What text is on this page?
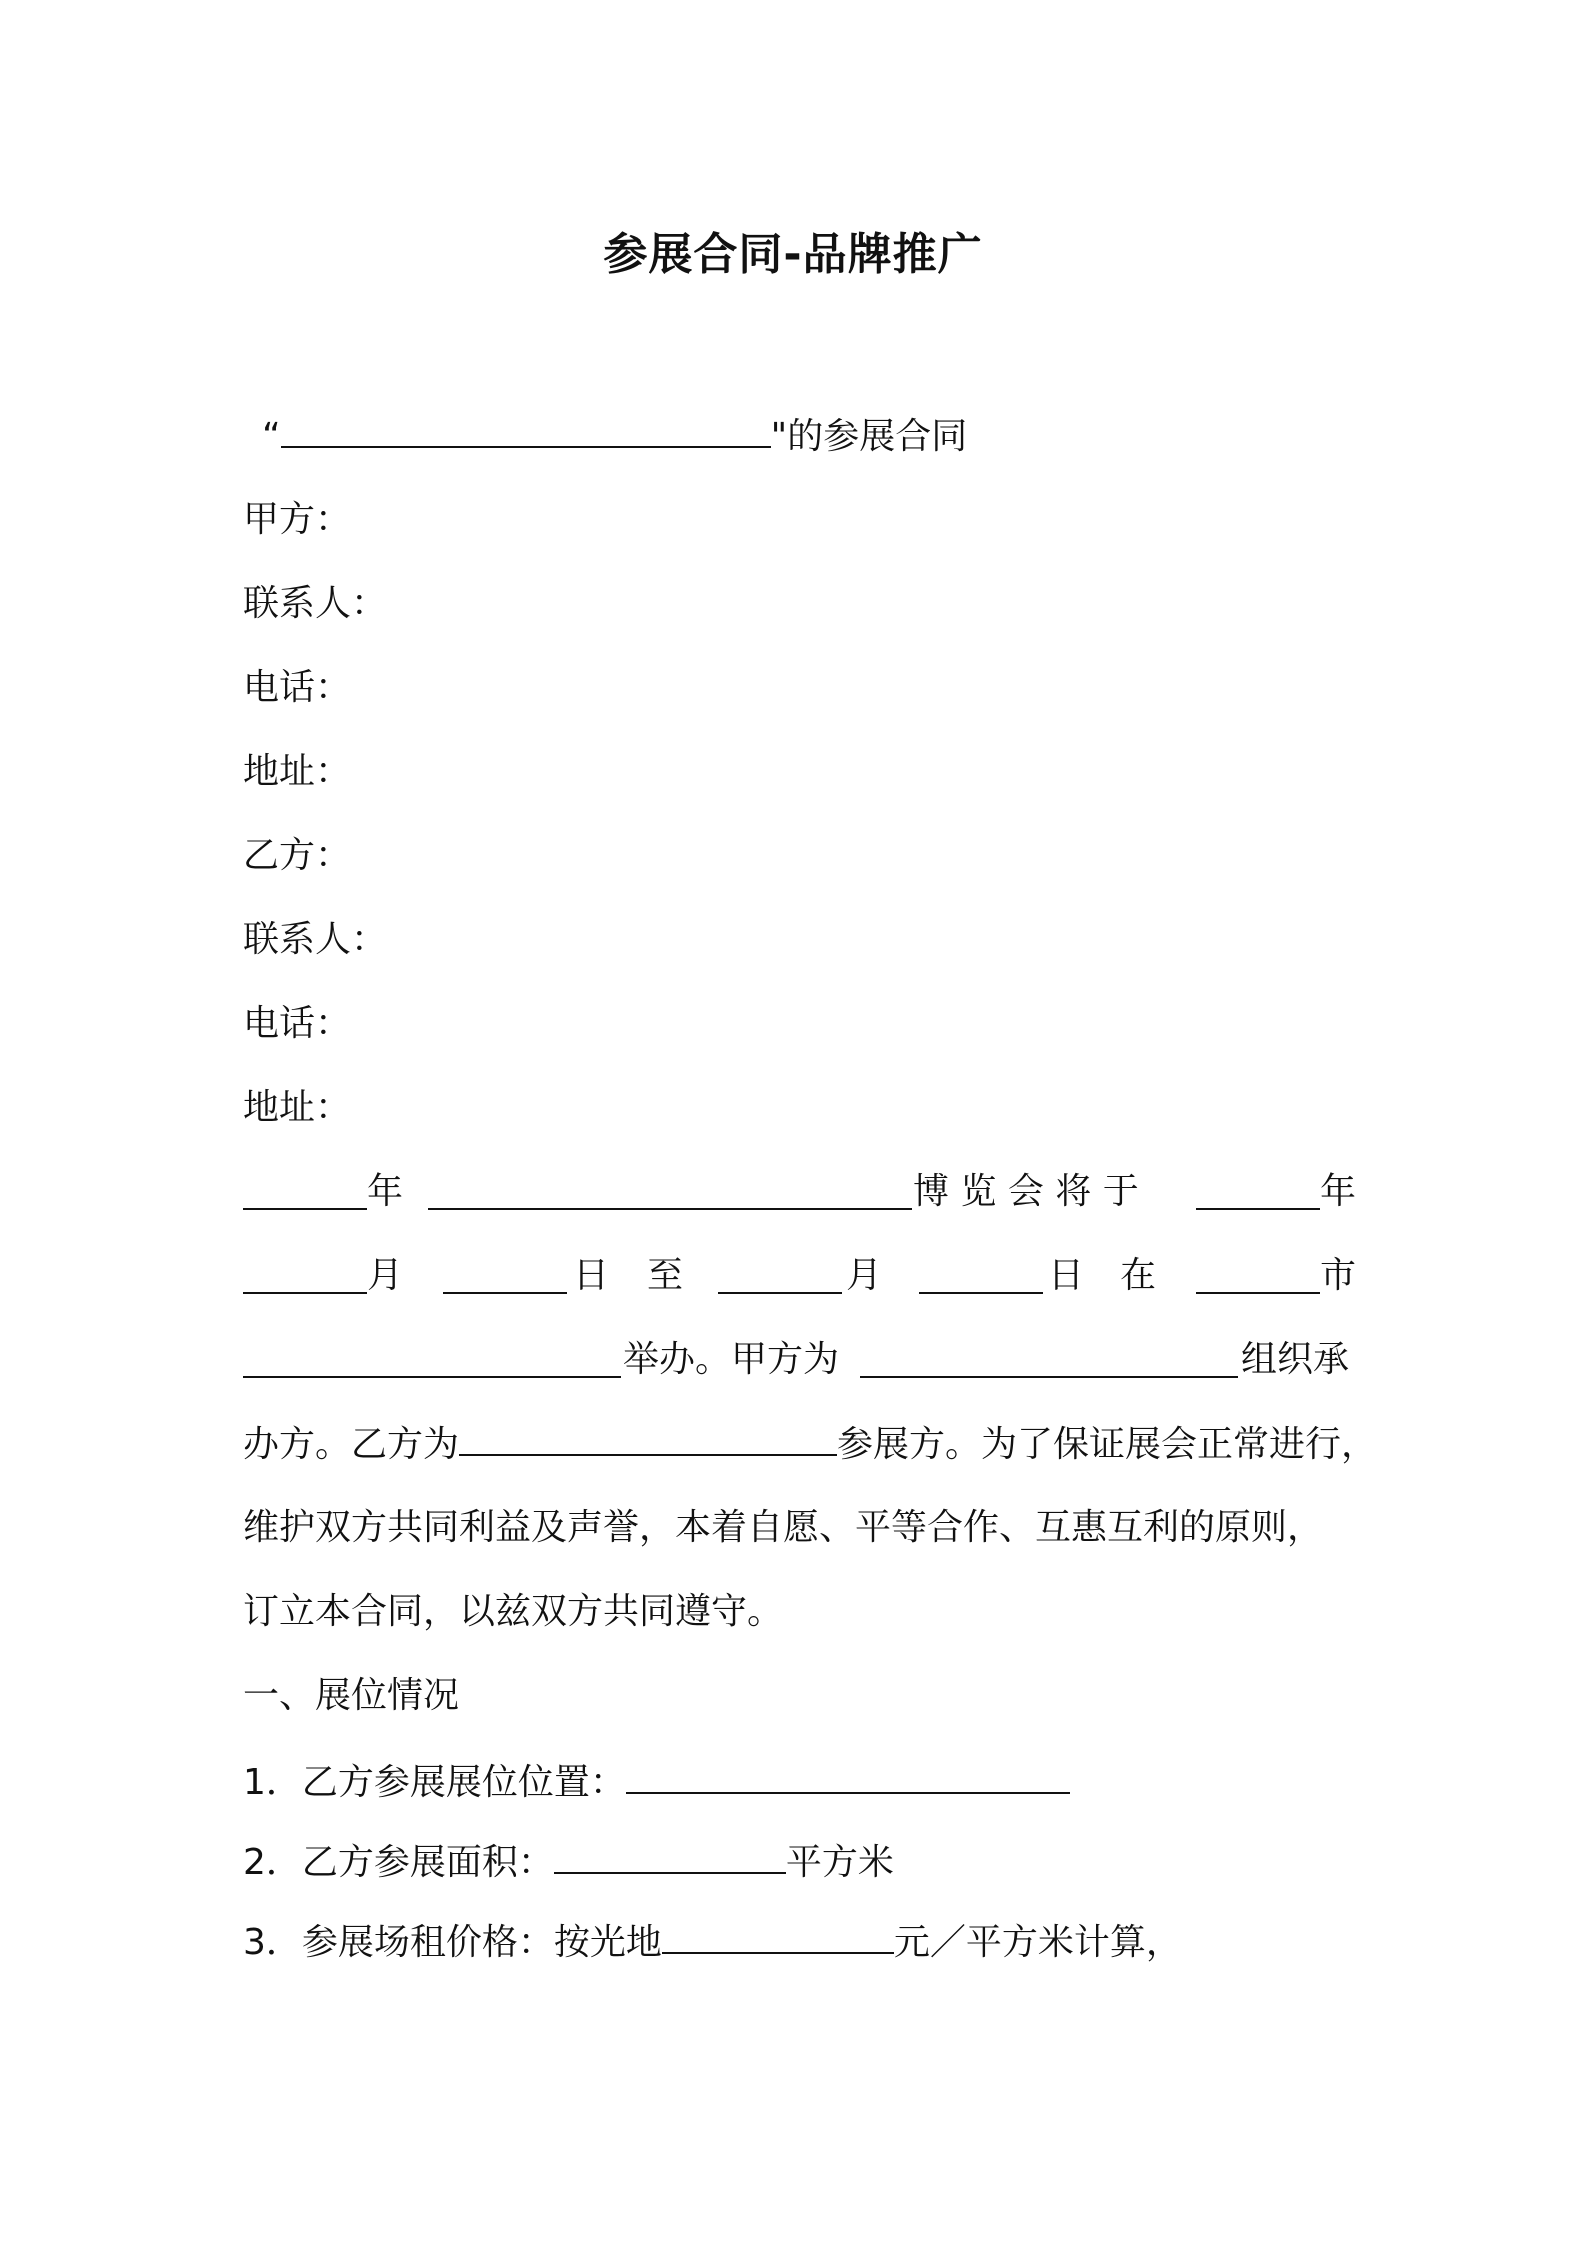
参展合同-品牌推广
“	"的参展合同
甲方：
联系人：
电话：
地址：
乙方：
联系人：
电话：
地址：

年

	博 览 会 将 于

	年

月

	日

至

	月

	日

在

	市

举办。甲方为

	组织承

办方。乙方为	参展方。为了保证展会正常进行，
维护双方共同利益及声誉，本着自愿、平等合作、互惠互利的原则，
订立本合同，以兹双方共同遵守。
一、展位情况
1．乙方参展展位位置：
2．乙方参展面积：	平方米
3．参展场租价格：按光地	元／平方米计算，
